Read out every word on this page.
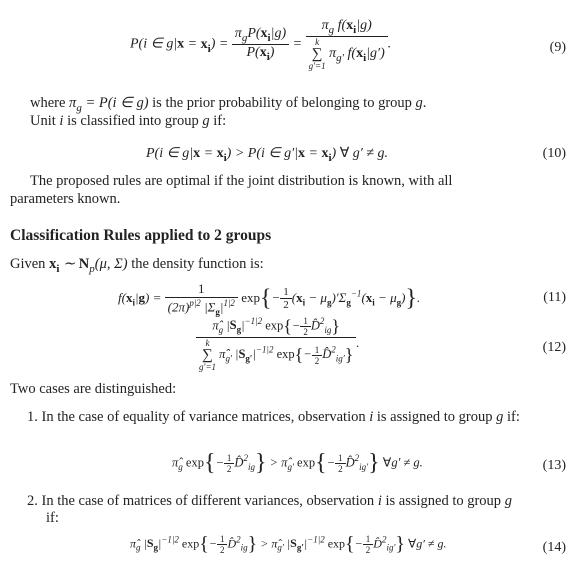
P(i ∈ $g|x = x_i) = \frac{\pi_gP(x_i|g)}{P(x_i)} = \pi_g$ $f(x_i|g)$
k
∑
g′=1
$\pi_{g'}$ $f(x_i|g')$ .	(9)
where $\pi_g = P(i$ ∈ g) is the prior probability of belonging to group g.
Unit i is classified into group g if:
P(i ∈ $g|x = x_i) > P(i$ ∈ $g'|x = x_i$) ∀ g′ ≠ g.	(10)
The proposed rules are optimal if the joint distribution is known, with all
parameters known.
Classification Rules applied to 2 groups
Given $x_i$ ∼ $N_p(\mu$, Σ) the density function is:
$f(x_i|g) = \frac{1}{(2\pi)^{p|2} |\Sigma_g|^{1|2}} \exp\{- \frac{1}{2} (x_i - \mu_g)'\Sigma_g^{-1}(x_i - \mu_g)\}$.	(11)
$\pî_g$ $|S_g|^{-1|2}$ $\exp\{- \frac{1}{2}$ D̂$^2_{ig}$}
k
∑
g′=1
$\pî_{g'}$ $|S_{g'}|^{-1|2}$ $\exp\{- \frac{1}{2}$ D̂$^2_{ig'}$} .	(12)
Two cases are distinguished:
1. In the case of equality of variance matrices, observation i is assigned to group g if:
$\pî_g$ $\exp\{- \frac{1}{2}$ D̂$^2_{ig}$} > $\pî_{g'}$ $\exp\{- \frac{1}{2}$ D̂$^2_{ig'}$} ∀g′ ≠ g.	(13)
2. In the case of matrices of different variances, observation i is assigned to group g
if:
$\pî_g$ $|S_g|^{-1|2}$ $\exp\{- \frac{1}{2}$ D̂$^2_{ig}$} > $\pî_{g'}$ $|S_{g'}|^{-1|2}$ $\exp\{- \frac{1}{2}$ D̂$^2_{ig'}$} ∀g′ ≠ g.	(14)
